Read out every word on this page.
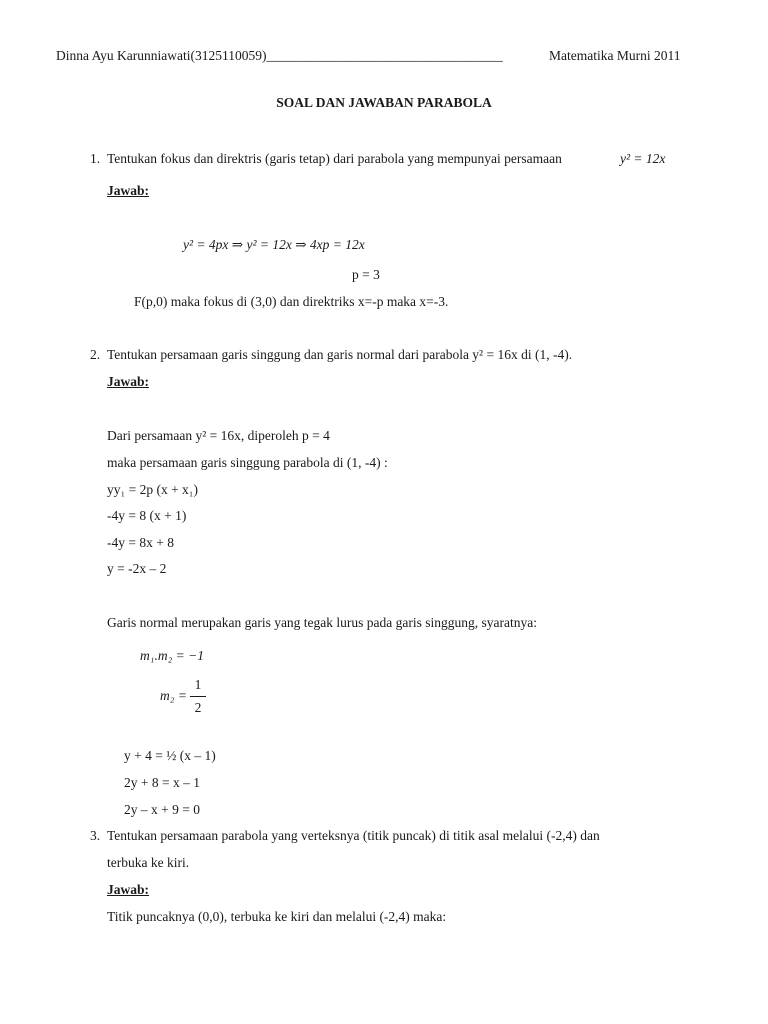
Dinna Ayu Karunniawati(3125110059)___________________________________	Matematika Murni 2011
SOAL DAN JAWABAN PARABOLA
1. Tentukan fokus dan direktris (garis tetap) dari parabola yang mempunyai persamaan	y² = 12x
Jawab:
y² = 4px ⇒ y² = 12x ⇒ 4xp = 12x
p = 3
F(p,0) maka fokus di (3,0) dan direktriks x=-p maka x=-3.
2. Tentukan persamaan garis singgung dan garis normal dari parabola y² = 16x di (1, -4).
Jawab:
Dari persamaan y² = 16x, diperoleh p = 4
maka persamaan garis singgung parabola di (1, -4) :
yy₁ = 2p (x + x₁)
-4y = 8 (x + 1)
-4y = 8x + 8
y = -2x – 2
Garis normal merupakan garis yang tegak lurus pada garis singgung, syaratnya:
m₁.m₂ = −1
m₂ =
1
2
y + 4 = ½ (x – 1)
2y + 8 = x – 1
2y – x + 9 = 0
3. Tentukan persamaan parabola yang verteksnya (titik puncak) di titik asal melalui (-2,4) dan
terbuka ke kiri.
Jawab:
Titik puncaknya (0,0), terbuka ke kiri dan melalui (-2,4) maka:
